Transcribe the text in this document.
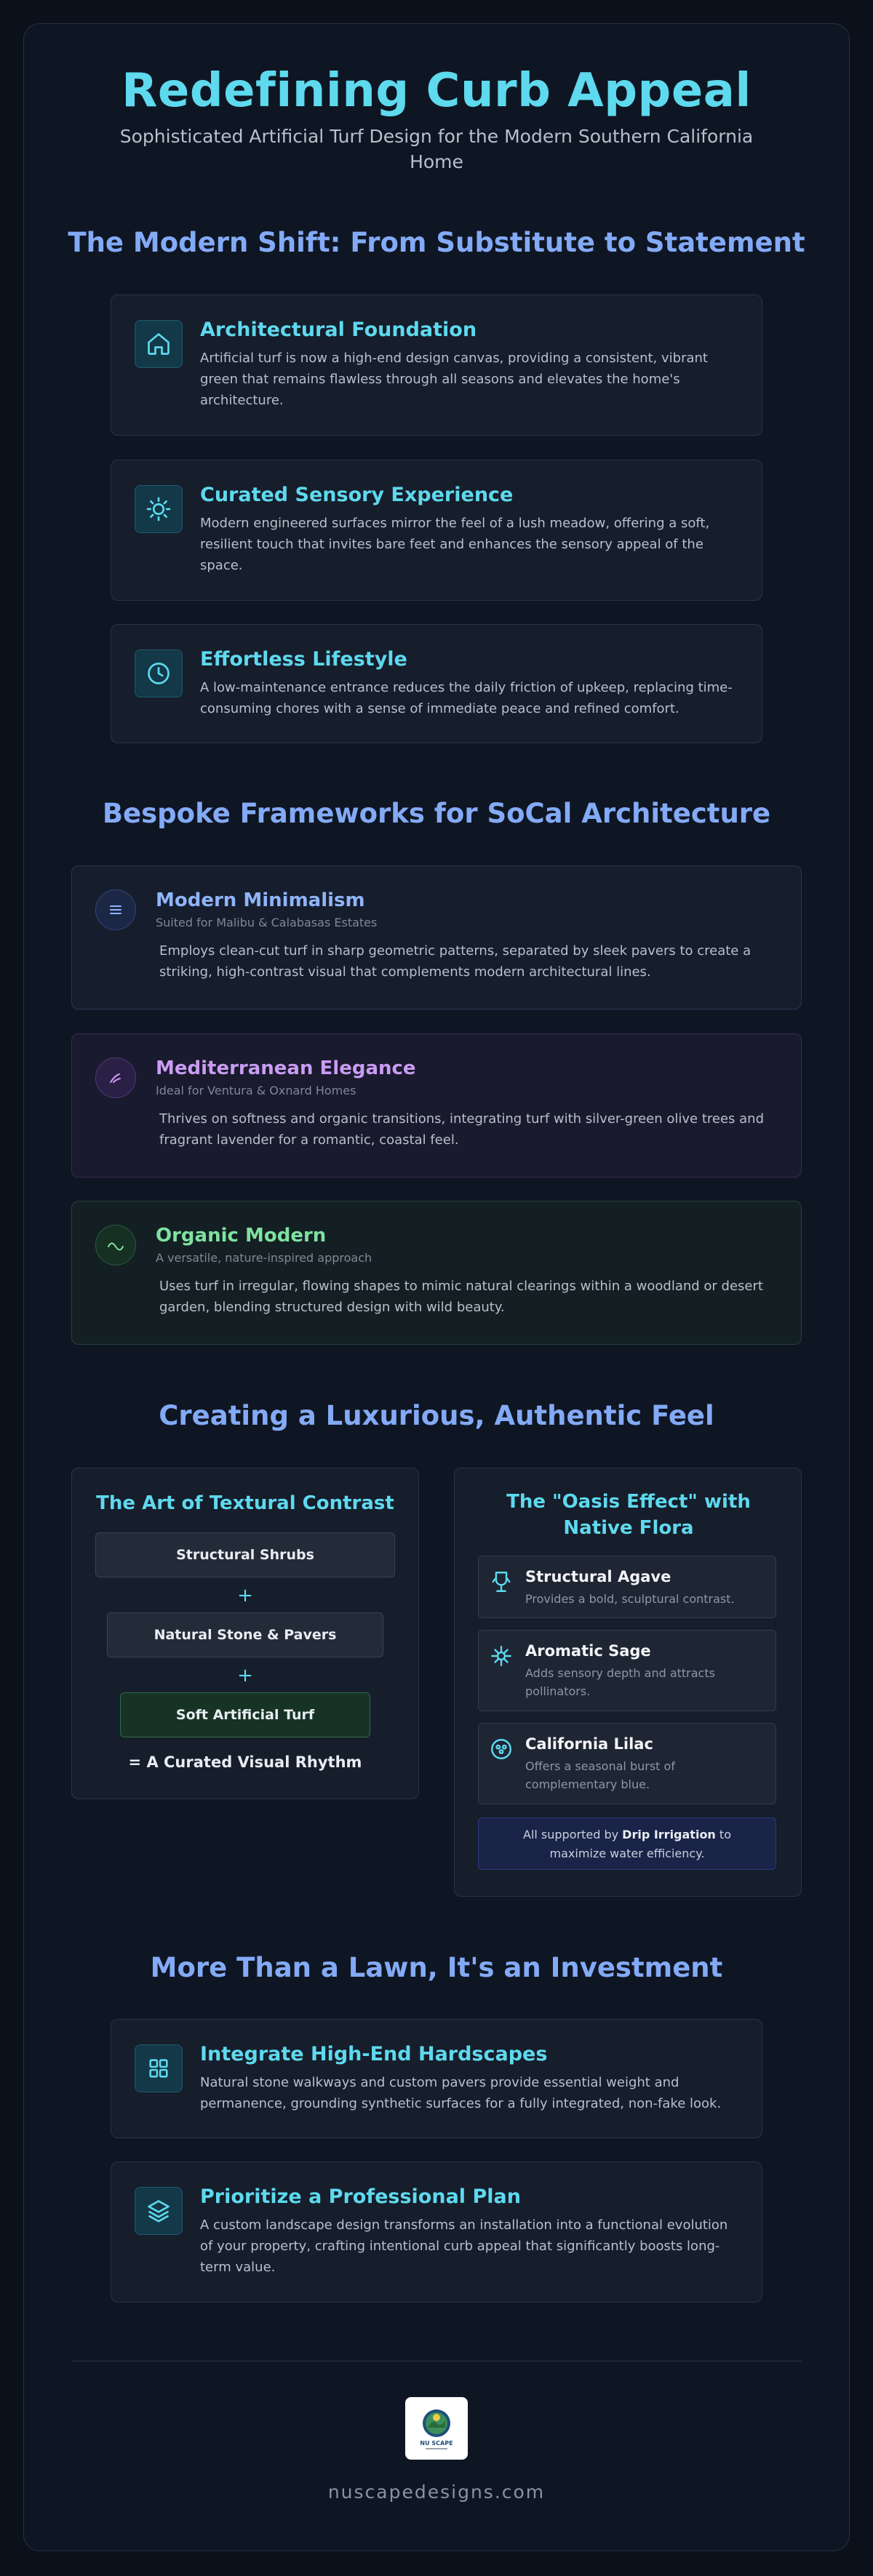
Redefining Curb Appeal

Sophisticated Artificial Turf Design for the Modern Southern California Home

The Modern Shift: From Substitute to Statement
Architectural Foundation
Artificial turf is now a high-end design canvas, providing a consistent, vibrant green that remains flawless through all seasons and elevates the home's architecture.
Curated Sensory Experience
Modern engineered surfaces mirror the feel of a lush meadow, offering a soft, resilient touch that invites bare feet and enhances the sensory appeal of the space.
Effortless Lifestyle
A low-maintenance entrance reduces the daily friction of upkeep, replacing time-consuming chores with a sense of immediate peace and refined comfort.
Bespoke Frameworks for SoCal Architecture
Modern Minimalism
Suited for Malibu & Calabasas Estates
Employs clean-cut turf in sharp geometric patterns, separated by sleek pavers to create a striking, high-contrast visual that complements modern architectural lines.
Mediterranean Elegance
Ideal for Ventura & Oxnard Homes
Thrives on softness and organic transitions, integrating turf with silver-green olive trees and fragrant lavender for a romantic, coastal feel.
Organic Modern
A versatile, nature-inspired approach
Uses turf in irregular, flowing shapes to mimic natural clearings within a woodland or desert garden, blending structured design with wild beauty.
Creating a Luxurious, Authentic Feel
The Art of Textural Contrast
Structural Shrubs
+
Natural Stone & Pavers
+
Soft Artificial Turf
= A Curated Visual Rhythm
The "Oasis Effect" with Native Flora
Structural Agave
Provides a bold, sculptural contrast.
Aromatic Sage
Adds sensory depth and attracts pollinators.
California Lilac
Offers a seasonal burst of complementary blue.
All supported by Drip Irrigation to maximize water efficiency.
More Than a Lawn, It's an Investment
Integrate High-End Hardscapes
Natural stone walkways and custom pavers provide essential weight and permanence, grounding synthetic surfaces for a fully integrated, non-fake look.
Prioritize a Professional Plan
A custom landscape design transforms an installation into a functional evolution of your property, crafting intentional curb appeal that significantly boosts long-term value.
NU SCAPE
nuscapedesigns.com
